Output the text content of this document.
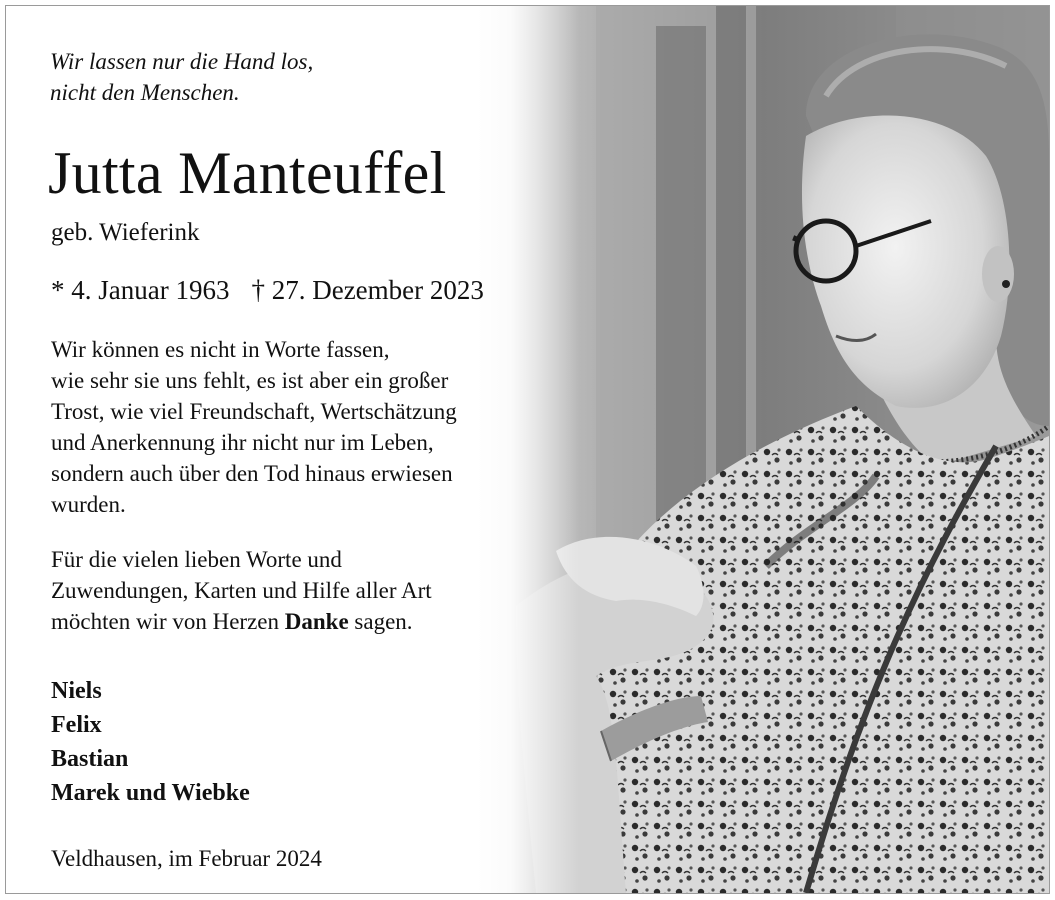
Wir lassen nur die Hand los,
nicht den Menschen.
Jutta Manteuffel
geb. Wieferink
* 4. Januar 1963 † 27. Dezember 2023
Wir können es nicht in Worte fassen,
wie sehr sie uns fehlt, es ist aber ein großer
Trost, wie viel Freundschaft, Wertschätzung
und Anerkennung ihr nicht nur im Leben,
sondern auch über den Tod hinaus erwiesen
wurden.
Für die vielen lieben Worte und
Zuwendungen, Karten und Hilfe aller Art
möchten wir von Herzen Danke sagen.
Niels
Felix
Bastian
Marek und Wiebke
Veldhausen, im Februar 2024
